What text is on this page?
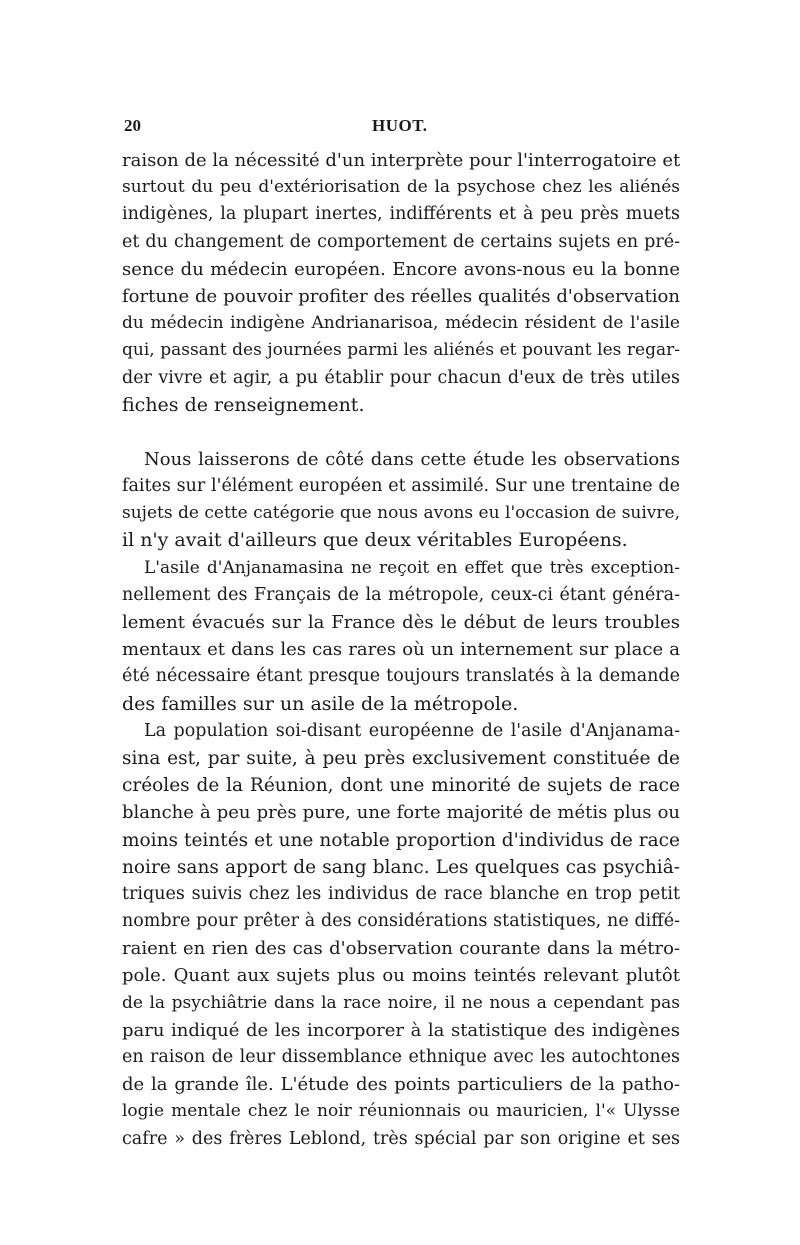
20	HUOT.
raison de la nécessité d'un interprète pour l'interrogatoire et
surtout du peu d'extériorisation de la psychose chez les aliénés
indigènes, la plupart inertes, indifférents et à peu près muets
et du changement de comportement de certains sujets en pré-
sence du médecin européen. Encore avons-nous eu la bonne
fortune de pouvoir profiter des réelles qualités d'observation
du médecin indigène Andrianarisoa, médecin résident de l'asile
qui, passant des journées parmi les aliénés et pouvant les regar-
der vivre et agir, a pu établir pour chacun d'eux de très utiles
fiches de renseignement.
Nous laisserons de côté dans cette étude les observations
faites sur l'élément européen et assimilé. Sur une trentaine de
sujets de cette catégorie que nous avons eu l'occasion de suivre,
il n'y avait d'ailleurs que deux véritables Européens.
L'asile d'Anjanamasina ne reçoit en effet que très exception-
nellement des Français de la métropole, ceux-ci étant généra-
lement évacués sur la France dès le début de leurs troubles
mentaux et dans les cas rares où un internement sur place a
été nécessaire étant presque toujours translatés à la demande
des familles sur un asile de la métropole.
La population soi-disant européenne de l'asile d'Anjanama-
sina est, par suite, à peu près exclusivement constituée de
créoles de la Réunion, dont une minorité de sujets de race
blanche à peu près pure, une forte majorité de métis plus ou
moins teintés et une notable proportion d'individus de race
noire sans apport de sang blanc. Les quelques cas psychiâ-
triques suivis chez les individus de race blanche en trop petit
nombre pour prêter à des considérations statistiques, ne diffé-
raient en rien des cas d'observation courante dans la métro-
pole. Quant aux sujets plus ou moins teintés relevant plutôt
de la psychiâtrie dans la race noire, il ne nous a cependant pas
paru indiqué de les incorporer à la statistique des indigènes
en raison de leur dissemblance ethnique avec les autochtones
de la grande île. L'étude des points particuliers de la patho-
logie mentale chez le noir réunionnais ou mauricien, l'« Ulysse
cafre » des frères Leblond, très spécial par son origine et ses
